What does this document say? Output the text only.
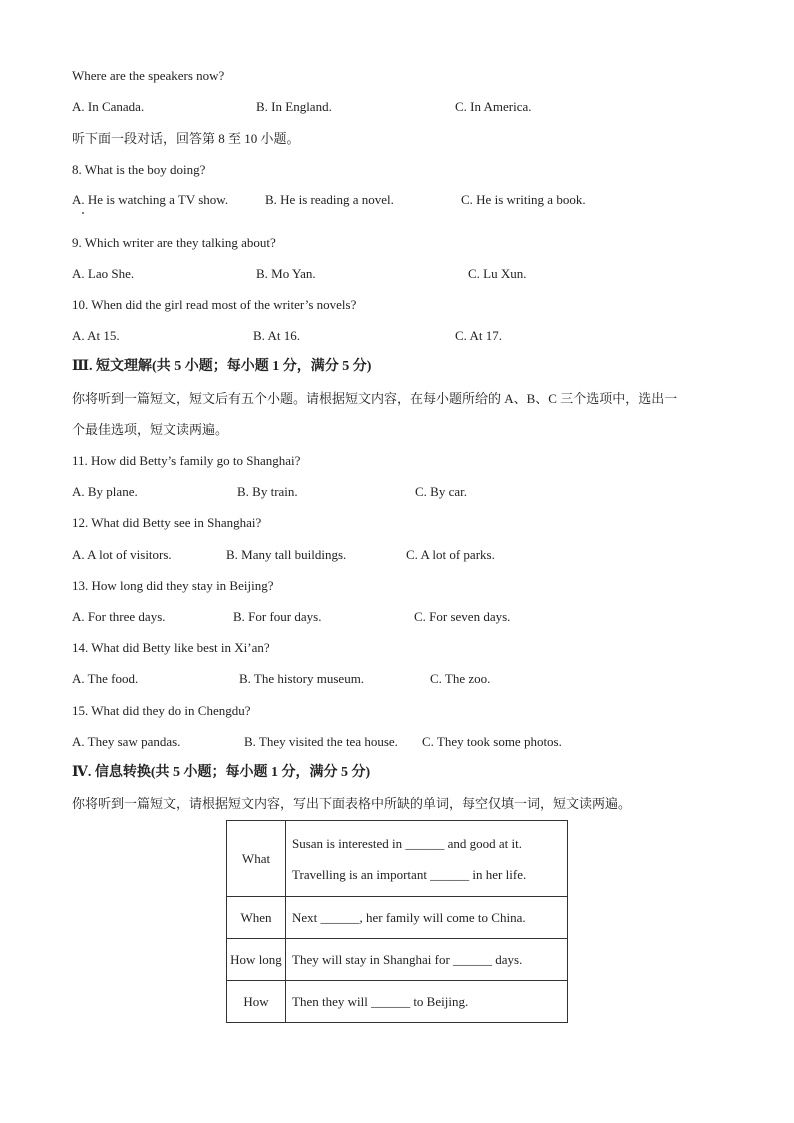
Where are the speakers now?
A. In Canada.	B. In England.	C. In America.
听下面一段对话，回答第 8 至 10 小题。
8. What is the boy doing?
A. He is watching a TV show.	B. He is reading a novel.	C. He is writing a book.
9. Which writer are they talking about?
A. Lao She.	B. Mo Yan.	C. Lu Xun.
10. When did the girl read most of the writer’s novels?
A. At 15.	B. At 16.	C. At 17.
Ⅲ. 短文理解(共 5 小题；每小题 1 分，满分 5 分)
你将听到一篇短文，短文后有五个小题。请根据短文内容，在每小题所给的 A、B、C 三个选项中，选出一
个最佳选项，短文读两遍。
11. How did Betty’s family go to Shanghai?
A. By plane.	B. By train.	C. By car.
12. What did Betty see in Shanghai?
A. A lot of visitors.	B. Many tall buildings.	C. A lot of parks.
13. How long did they stay in Beijing?
A. For three days.	B. For four days.	C. For seven days.
14. What did Betty like best in Xi’an?
A. The food.	B. The history museum.	C. The zoo.
15. What did they do in Chengdu?
A. They saw pandas.	B. They visited the tea house. C. They took some photos.
Ⅳ. 信息转换(共 5 小题；每小题 1 分，满分 5 分)
你将听到一篇短文，请根据短文内容，写出下面表格中所缺的单词，每空仅填一词，短文读两遍。
What	Susan is interested in ______ and good at it.
Travelling is an important ______ in her life.

When	Next ______, her family will come to China.

How long	They will stay in Shanghai for ______ days.

How	Then they will ______ to Beijing.
